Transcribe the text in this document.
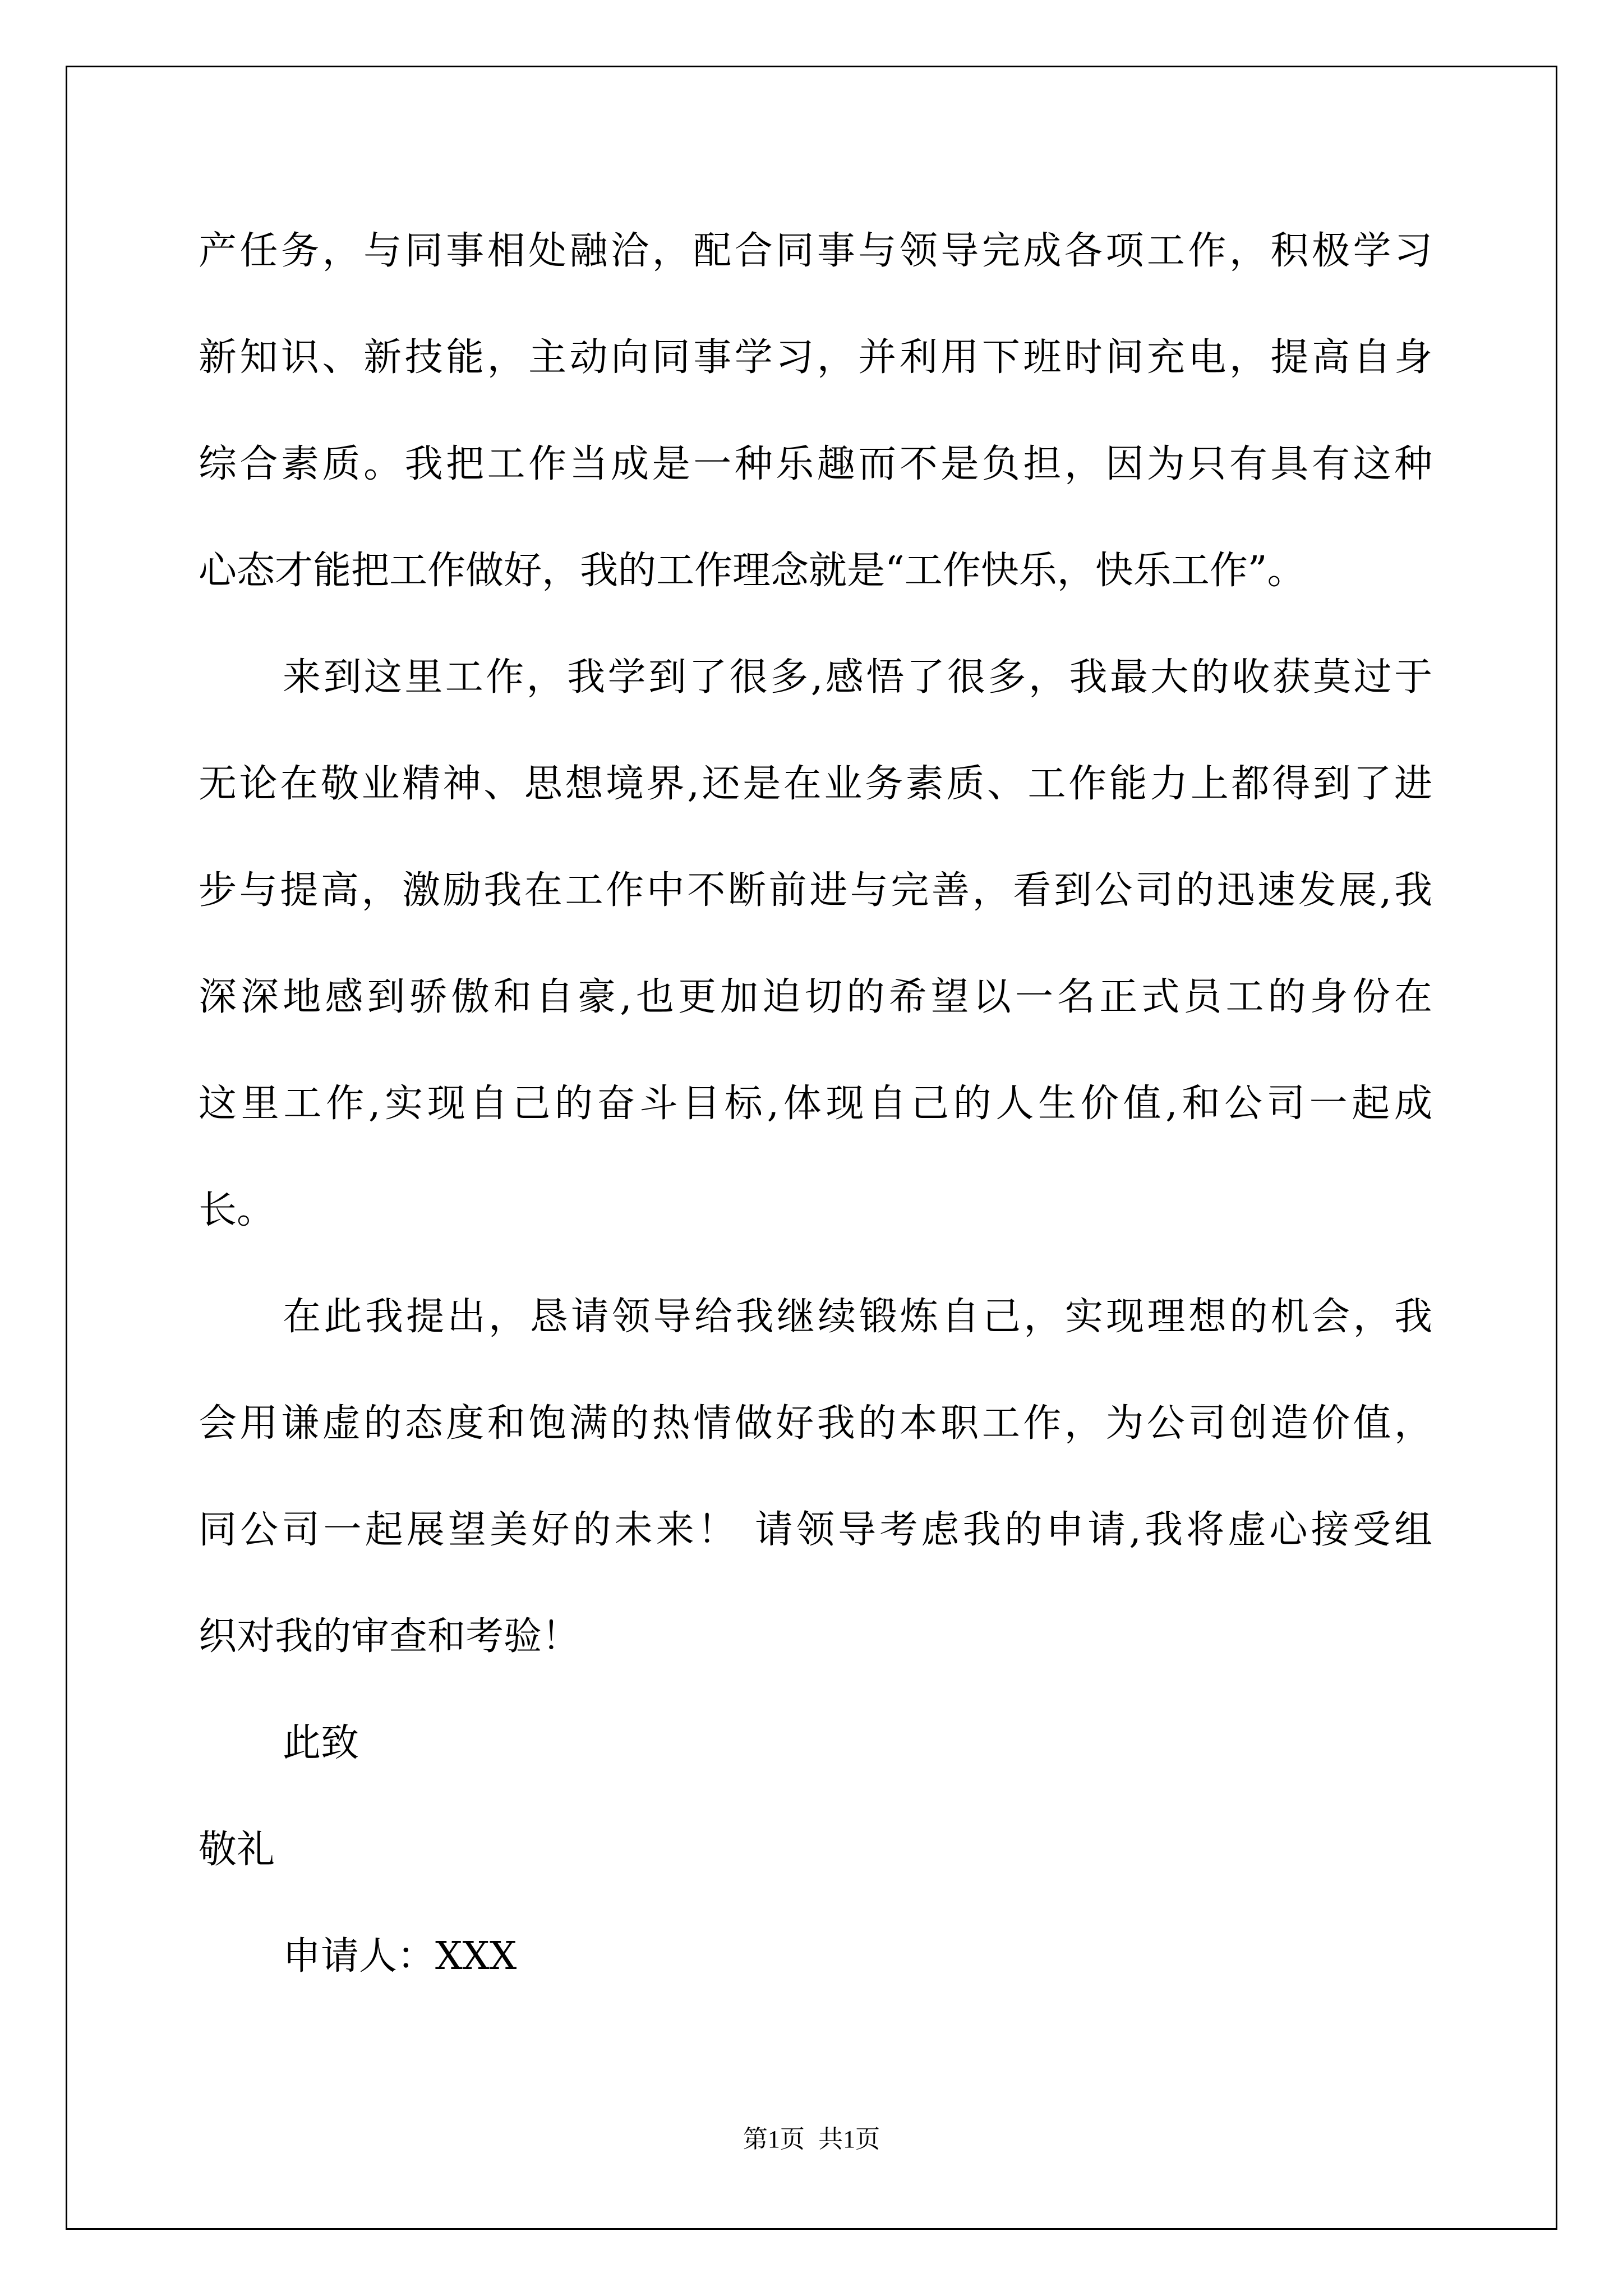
产任务，与同事相处融洽，配合同事与领导完成各项工作，积极学习
新知识、新技能，主动向同事学习，并利用下班时间充电，提高自身
综合素质。我把工作当成是一种乐趣而不是负担，因为只有具有这种
心态才能把工作做好，我的工作理念就是“工作快乐，快乐工作”。
来到这里工作，我学到了很多,感悟了很多，我最大的收获莫过于
无论在敬业精神、思想境界,还是在业务素质、工作能力上都得到了进
步与提高，激励我在工作中不断前进与完善，看到公司的迅速发展,我
深深地感到骄傲和自豪,也更加迫切的希望以一名正式员工的身份在
这里工作,实现自己的奋斗目标,体现自己的人生价值,和公司一起成
长。
在此我提出，恳请领导给我继续锻炼自己，实现理想的机会，我
会用谦虚的态度和饱满的热情做好我的本职工作，为公司创造价值，
同公司一起展望美好的未来！ 请领导考虑我的申请,我将虚心接受组
织对我的审查和考验！
此致
敬礼
申请人：XXX
第1页 共1页
